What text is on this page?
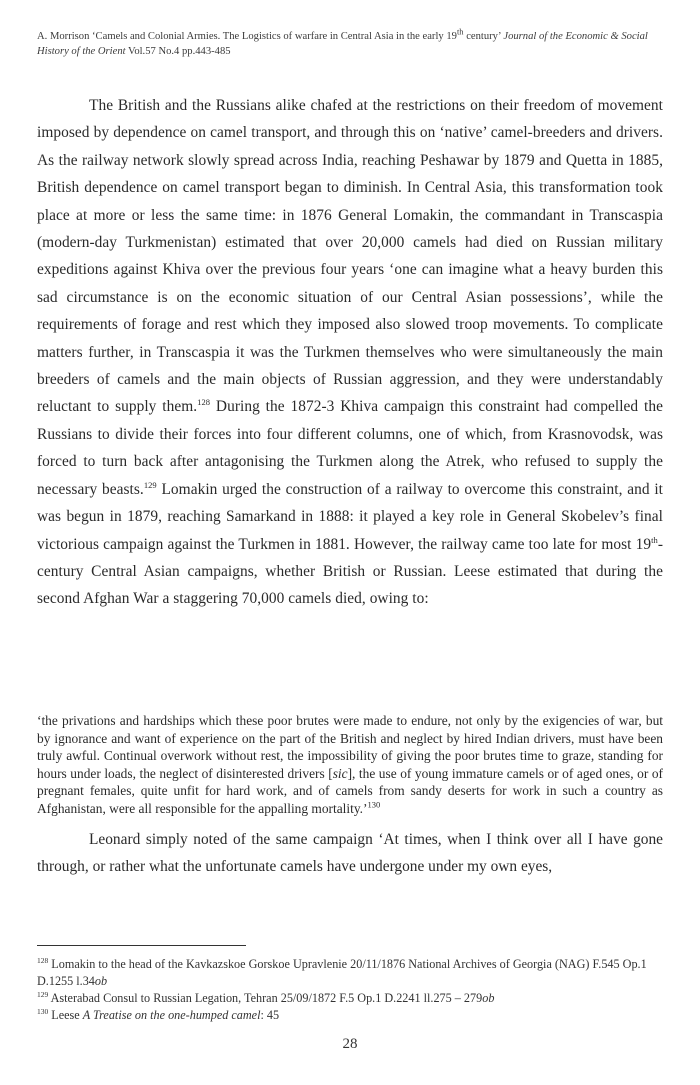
A. Morrison ‘Camels and Colonial Armies. The Logistics of warfare in Central Asia in the early 19th century’ Journal of the Economic & Social History of the Orient Vol.57 No.4 pp.443-485

The British and the Russians alike chafed at the restrictions on their freedom of movement imposed by dependence on camel transport, and through this on ‘native’ camel-breeders and drivers. As the railway network slowly spread across India, reaching Peshawar by 1879 and Quetta in 1885, British dependence on camel transport began to diminish. In Central Asia, this transformation took place at more or less the same time: in 1876 General Lomakin, the commandant in Transcaspia (modern-day Turkmenistan) estimated that over 20,000 camels had died on Russian military expeditions against Khiva over the previous four years ‘one can imagine what a heavy burden this sad circumstance is on the economic situation of our Central Asian possessions’, while the requirements of forage and rest which they imposed also slowed troop movements. To complicate matters further, in Transcaspia it was the Turkmen themselves who were simultaneously the main breeders of camels and the main objects of Russian aggression, and they were understandably reluctant to supply them.$^{128}$ During the 1872-3 Khiva campaign this constraint had compelled the Russians to divide their forces into four different columns, one of which, from Krasnovodsk, was forced to turn back after antagonising the Turkmen along the Atrek, who refused to supply the necessary beasts.$^{129}$ Lomakin urged the construction of a railway to overcome this constraint, and it was begun in 1879, reaching Samarkand in 1888: it played a key role in General Skobelev’s final victorious campaign against the Turkmen in 1881. However, the railway came too late for most 19th-century Central Asian campaigns, whether British or Russian. Leese estimated that during the second Afghan War a staggering 70,000 camels died, owing to:

‘the privations and hardships which these poor brutes were made to endure, not only by the exigencies of war, but by ignorance and want of experience on the part of the British and neglect by hired Indian drivers, must have been truly awful. Continual overwork without rest, the impossibility of giving the poor brutes time to graze, standing for hours under loads, the neglect of disinterested drivers [sic], the use of young immature camels or of aged ones, or of pregnant females, quite unfit for hard work, and of camels from sandy deserts for work in such a country as Afghanistan, were all responsible for the appalling mortality.’$^{130}$

Leonard simply noted of the same campaign ‘At times, when I think over all I have gone through, or rather what the unfortunate camels have undergone under my own eyes,

$^{128}$ Lomakin to the head of the Kavkazskoe Gorskoe Upravlenie 20/11/1876 National Archives of Georgia (NAG) F.545 Op.1 D.1255 l.34ob
$^{129}$ Asterabad Consul to Russian Legation, Tehran 25/09/1872 F.5 Op.1 D.2241 ll.275 – 279ob
$^{130}$ Leese A Treatise on the one-humped camel: 45
28
